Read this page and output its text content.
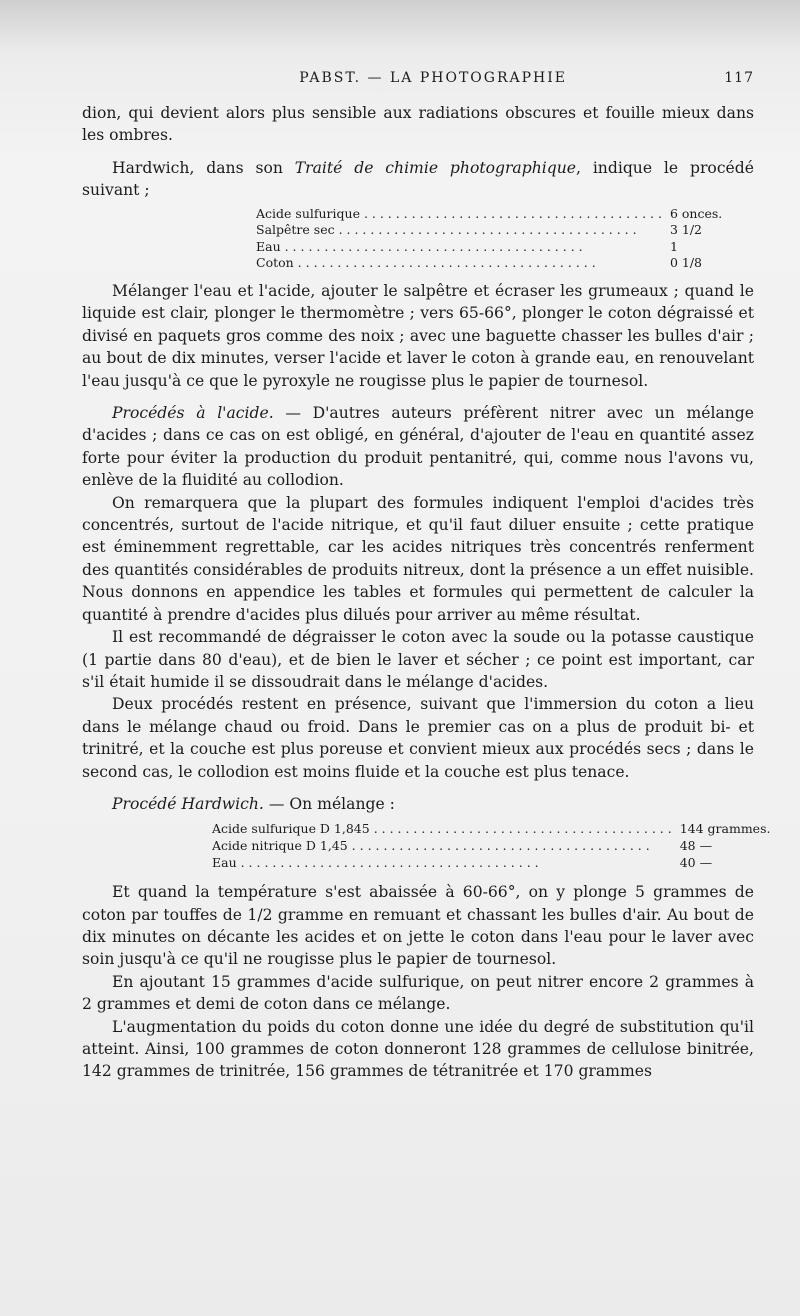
PABST. — LA PHOTOGRAPHIE	117

dion, qui devient alors plus sensible aux radiations obscures et fouille mieux dans les ombres.

Hardwich, dans son Traité de chimie photographique, indique le procédé suivant ;

Acide sulfurique . . .	6 onces.
Salpêtre sec . . .	3 1/2
Eau . . .	1
Coton . . .	0 1/8

Mélanger l'eau et l'acide, ajouter le salpêtre et écraser les grumeaux ; quand le liquide est clair, plonger le thermomètre ; vers 65-66°, plonger le coton dégraissé et divisé en paquets gros comme des noix ; avec une baguette chasser les bulles d'air ; au bout de dix minutes, verser l'acide et laver le coton à grande eau, en renouvelant l'eau jusqu'à ce que le pyroxyle ne rougisse plus le papier de tournesol.

Procédés à l'acide. — D'autres auteurs préfèrent nitrer avec un mélange d'acides ; dans ce cas on est obligé, en général, d'ajouter de l'eau en quantité assez forte pour éviter la production du produit pentanitré, qui, comme nous l'avons vu, enlève de la fluidité au collodion.

On remarquera que la plupart des formules indiquent l'emploi d'acides très concentrés, surtout de l'acide nitrique, et qu'il faut diluer ensuite ; cette pratique est éminemment regrettable, car les acides nitriques très concentrés renferment des quantités considérables de produits nitreux, dont la présence a un effet nuisible. Nous donnons en appendice les tables et formules qui permettent de calculer la quantité à prendre d'acides plus dilués pour arriver au même résultat.

Il est recommandé de dégraisser le coton avec la soude ou la potasse caustique (1 partie dans 80 d'eau), et de bien le laver et sécher ; ce point est important, car s'il était humide il se dissoudrait dans le mélange d'acides.

Deux procédés restent en présence, suivant que l'immersion du coton a lieu dans le mélange chaud ou froid. Dans le premier cas on a plus de produit bi- et trinitré, et la couche est plus poreuse et convient mieux aux procédés secs ; dans le second cas, le collodion est moins fluide et la couche est plus tenace.

Procédé Hardwich. — On mélange :

Acide sulfurique D 1,845 . . .	144 grammes.
Acide nitrique D 1,45 . . .	48 —
Eau . . .	40 —

Et quand la température s'est abaissée à 60-66°, on y plonge 5 grammes de coton par touffes de 1/2 gramme en remuant et chassant les bulles d'air. Au bout de dix minutes on décante les acides et on jette le coton dans l'eau pour le laver avec soin jusqu'à ce qu'il ne rougisse plus le papier de tournesol.

En ajoutant 15 grammes d'acide sulfurique, on peut nitrer encore 2 grammes à 2 grammes et demi de coton dans ce mélange.

L'augmentation du poids du coton donne une idée du degré de substitution qu'il atteint. Ainsi, 100 grammes de coton donneront 128 grammes de cellulose binitrée, 142 grammes de trinitrée, 156 grammes de tétranitrée et 170 grammes
